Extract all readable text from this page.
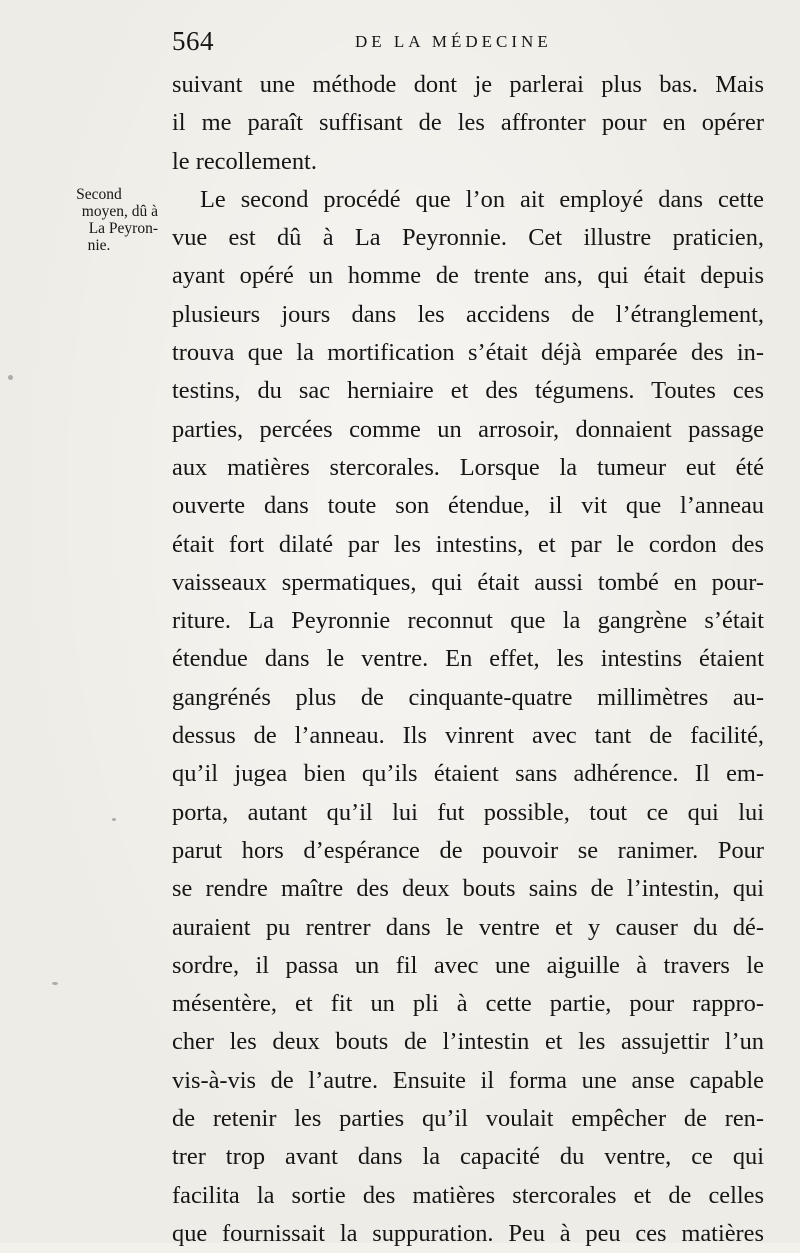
564	DE LA MÉDECINE
Second
moyen, dû à
La Peyron-
nie.
suivant une méthode dont je parlerai plus bas. Mais
il me paraît suffisant de les affronter pour en opérer
le recollement.
Le second procédé que l’on ait employé dans cette
vue est dû à La Peyronnie. Cet illustre praticien,
ayant opéré un homme de trente ans, qui était depuis
plusieurs jours dans les accidens de l’étranglement,
trouva que la mortification s’était déjà emparée des in-
testins, du sac herniaire et des tégumens. Toutes ces
parties, percées comme un arrosoir, donnaient passage
aux matières stercorales. Lorsque la tumeur eut été
ouverte dans toute son étendue, il vit que l’anneau
était fort dilaté par les intestins, et par le cordon des
vaisseaux spermatiques, qui était aussi tombé en pour-
riture. La Peyronnie reconnut que la gangrène s’était
étendue dans le ventre. En effet, les intestins étaient
gangrénés plus de cinquante-quatre millimètres au-
dessus de l’anneau. Ils vinrent avec tant de facilité,
qu’il jugea bien qu’ils étaient sans adhérence. Il em-
porta, autant qu’il lui fut possible, tout ce qui lui
parut hors d’espérance de pouvoir se ranimer. Pour
se rendre maître des deux bouts sains de l’intestin, qui
auraient pu rentrer dans le ventre et y causer du dé-
sordre, il passa un fil avec une aiguille à travers le
mésentère, et fit un pli à cette partie, pour rappro-
cher les deux bouts de l’intestin et les assujettir l’un
vis-à-vis de l’autre. Ensuite il forma une anse capable
de retenir les parties qu’il voulait empêcher de ren-
trer trop avant dans la capacité du ventre, ce qui
facilita la sortie des matières stercorales et de celles
que fournissait la suppuration. Peu à peu ces matières
